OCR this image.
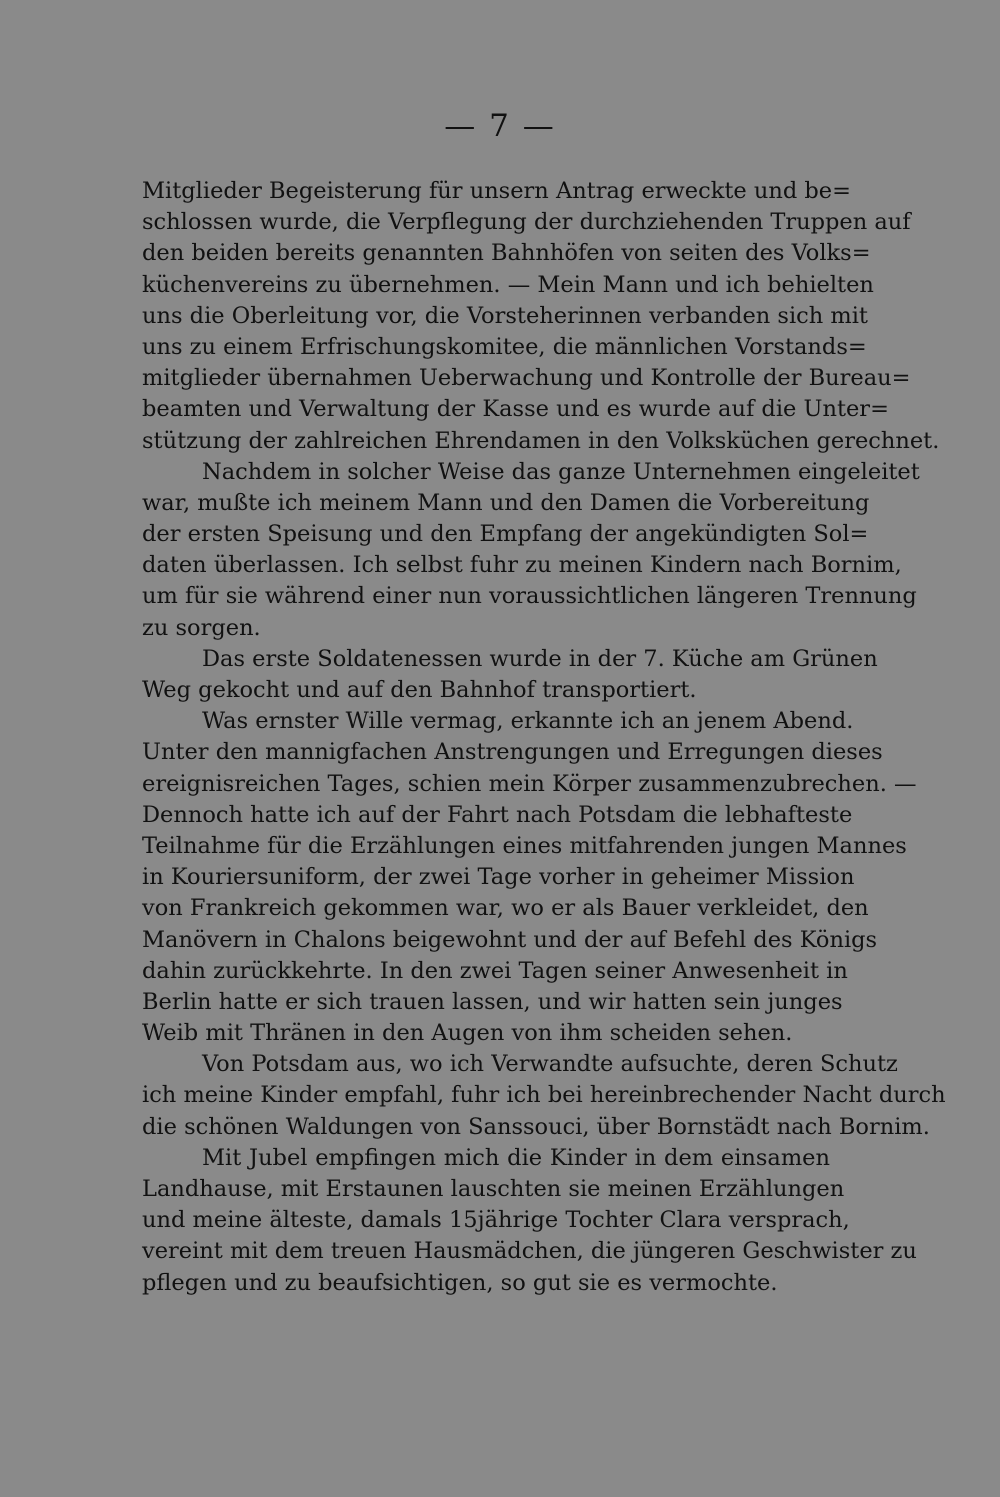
— 7 —
Mitglieder Begeisterung für unsern Antrag erweckte und be=
schlossen wurde, die Verpflegung der durchziehenden Truppen auf
den beiden bereits genannten Bahnhöfen von seiten des Volks=
küchenvereins zu übernehmen. — Mein Mann und ich behielten
uns die Oberleitung vor, die Vorsteherinnen verbanden sich mit
uns zu einem Erfrischungskomitee, die männlichen Vorstands=
mitglieder übernahmen Ueberwachung und Kontrolle der Bureau=
beamten und Verwaltung der Kasse und es wurde auf die Unter=
stützung der zahlreichen Ehrendamen in den Volksküchen gerechnet.
Nachdem in solcher Weise das ganze Unternehmen eingeleitet
war, mußte ich meinem Mann und den Damen die Vorbereitung
der ersten Speisung und den Empfang der angekündigten Sol=
daten überlassen. Ich selbst fuhr zu meinen Kindern nach Bornim,
um für sie während einer nun voraussichtlichen längeren Trennung
zu sorgen.
Das erste Soldatenessen wurde in der 7. Küche am Grünen
Weg gekocht und auf den Bahnhof transportiert.
Was ernster Wille vermag, erkannte ich an jenem Abend.
Unter den mannigfachen Anstrengungen und Erregungen dieses
ereignisreichen Tages, schien mein Körper zusammenzubrechen. —
Dennoch hatte ich auf der Fahrt nach Potsdam die lebhafteste
Teilnahme für die Erzählungen eines mitfahrenden jungen Mannes
in Kouriersuniform, der zwei Tage vorher in geheimer Mission
von Frankreich gekommen war, wo er als Bauer verkleidet, den
Manövern in Chalons beigewohnt und der auf Befehl des Königs
dahin zurückkehrte. In den zwei Tagen seiner Anwesenheit in
Berlin hatte er sich trauen lassen, und wir hatten sein junges
Weib mit Thränen in den Augen von ihm scheiden sehen.
Von Potsdam aus, wo ich Verwandte aufsuchte, deren Schutz
ich meine Kinder empfahl, fuhr ich bei hereinbrechender Nacht durch
die schönen Waldungen von Sanssouci, über Bornstädt nach Bornim.
Mit Jubel empfingen mich die Kinder in dem einsamen
Landhause, mit Erstaunen lauschten sie meinen Erzählungen
und meine älteste, damals 15jährige Tochter Clara versprach,
vereint mit dem treuen Hausmädchen, die jüngeren Geschwister zu
pflegen und zu beaufsichtigen, so gut sie es vermochte.
